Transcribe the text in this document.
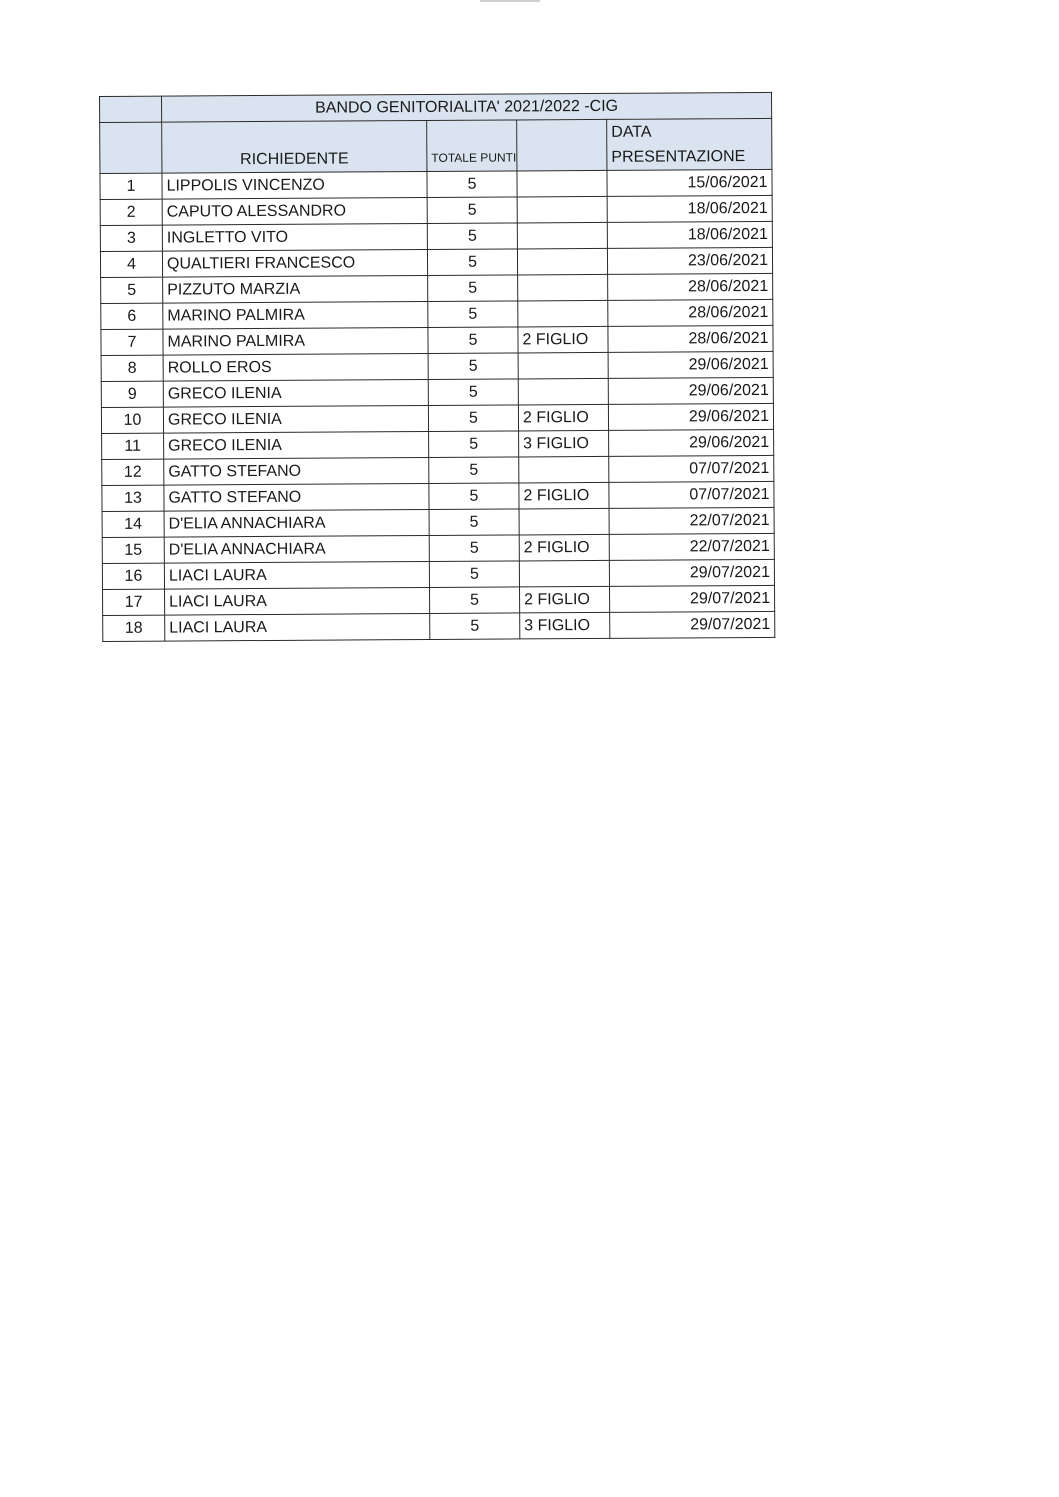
	BANDO GENITORIALITA' 2021/2022 -CIG			
	RICHIEDENTE	TOTALE PUNTI		DATA
PRESENTAZIONE

1	LIPPOLIS VINCENZO	5		15/06/2021
2	CAPUTO ALESSANDRO	5		18/06/2021
3	INGLETTO VITO	5		18/06/2021
4	QUALTIERI FRANCESCO	5		23/06/2021
5	PIZZUTO MARZIA	5		28/06/2021
6	MARINO PALMIRA	5		28/06/2021
7	MARINO PALMIRA	5	2 FIGLIO	28/06/2021
8	ROLLO EROS	5		29/06/2021
9	GRECO ILENIA	5		29/06/2021
10	GRECO ILENIA	5	2 FIGLIO	29/06/2021
11	GRECO ILENIA	5	3 FIGLIO	29/06/2021
12	GATTO STEFANO	5		07/07/2021
13	GATTO STEFANO	5	2 FIGLIO	07/07/2021
14	D'ELIA ANNACHIARA	5		22/07/2021
15	D'ELIA ANNACHIARA	5	2 FIGLIO	22/07/2021
16	LIACI LAURA	5		29/07/2021
17	LIACI LAURA	5	2 FIGLIO	29/07/2021
18	LIACI LAURA	5	3 FIGLIO	29/07/2021
